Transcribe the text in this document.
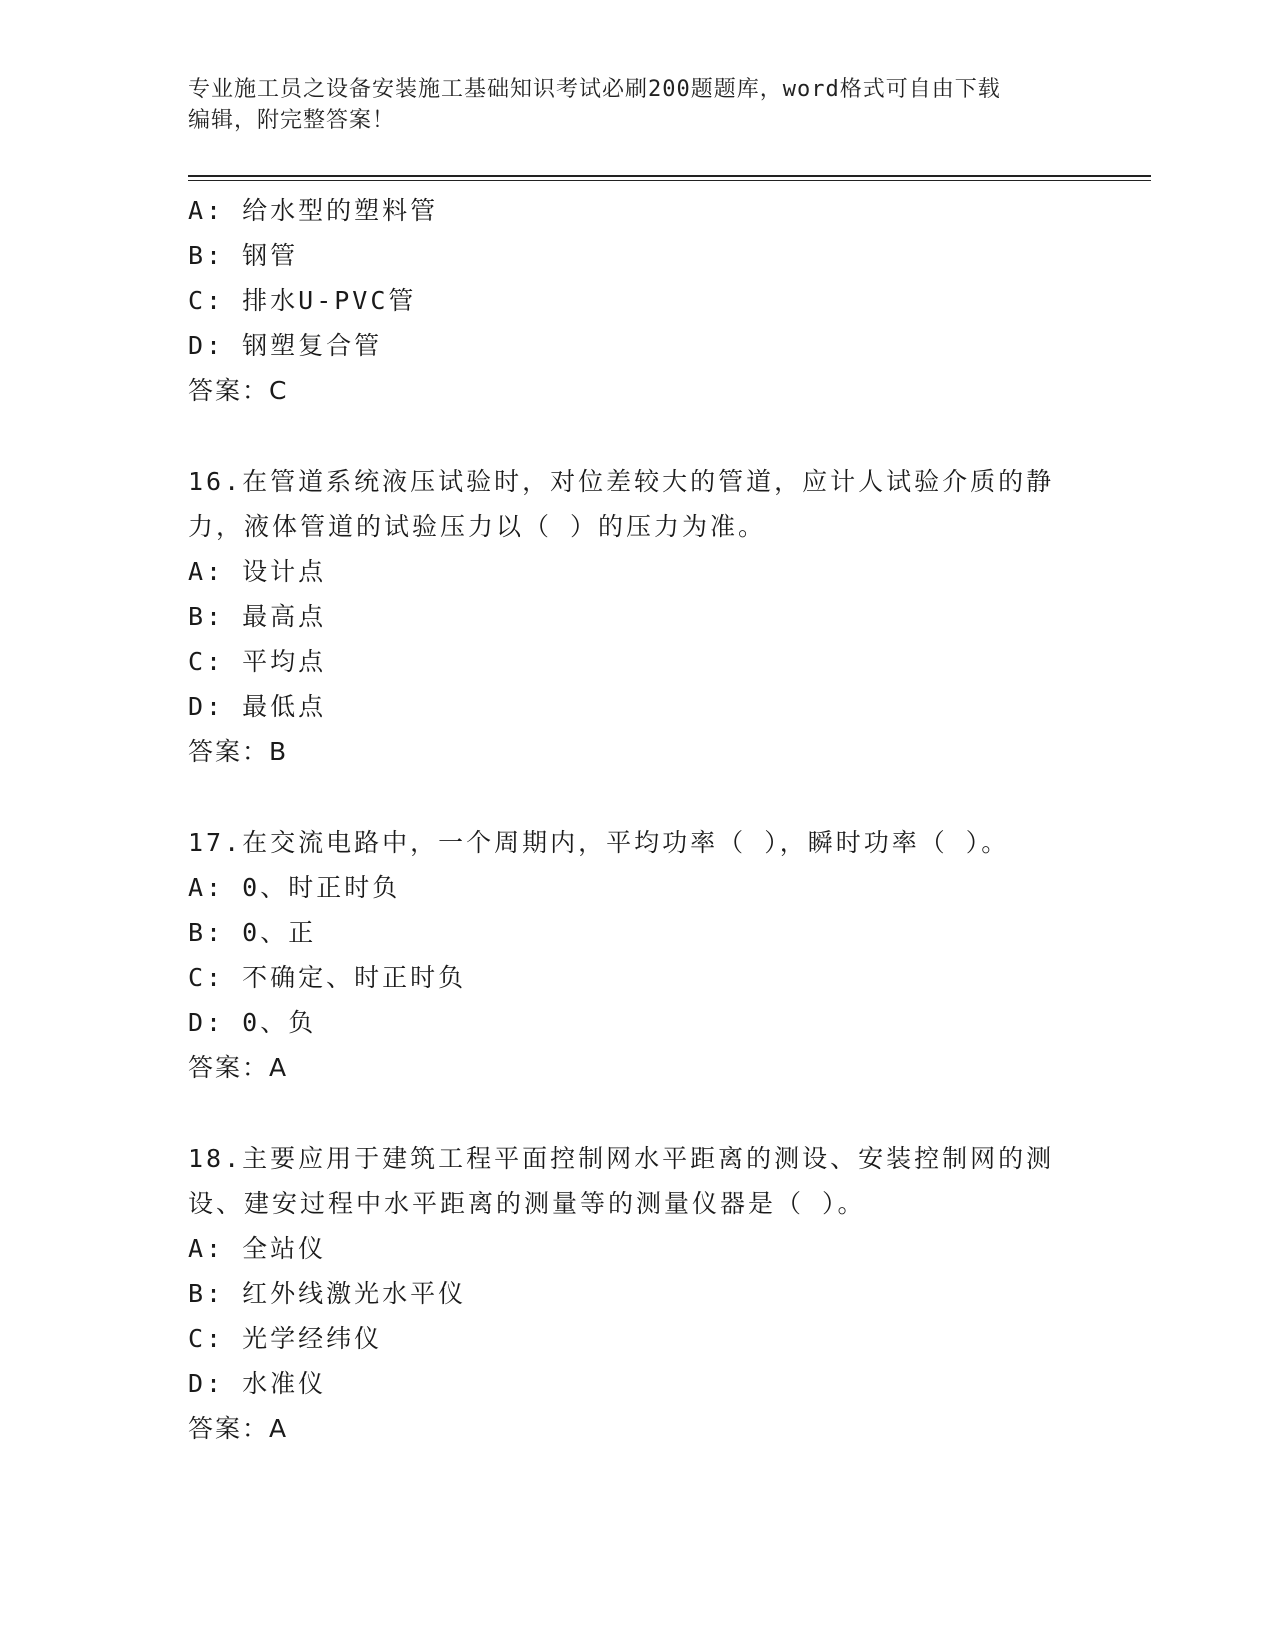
专业施工员之设备安装施工基础知识考试必刷200题题库，word格式可自由下载
编辑，附完整答案！
A: 给水型的塑料管
B: 钢管
C: 排水U-PVC管
D: 钢塑复合管
答案：C
16.在管道系统液压试验时，对位差较大的管道，应计人试验介质的静
力，液体管道的试验压力以（ ）的压力为准。
A: 设计点
B: 最高点
C: 平均点
D: 最低点
答案：B
17.在交流电路中，一个周期内，平均功率（ ），瞬时功率（ ）。
A: 0、时正时负
B: 0、正
C: 不确定、时正时负
D: 0、负
答案：A
18.主要应用于建筑工程平面控制网水平距离的测设、安装控制网的测
设、建安过程中水平距离的测量等的测量仪器是（ ）。
A: 全站仪
B: 红外线激光水平仪
C: 光学经纬仪
D: 水准仪
答案：A
